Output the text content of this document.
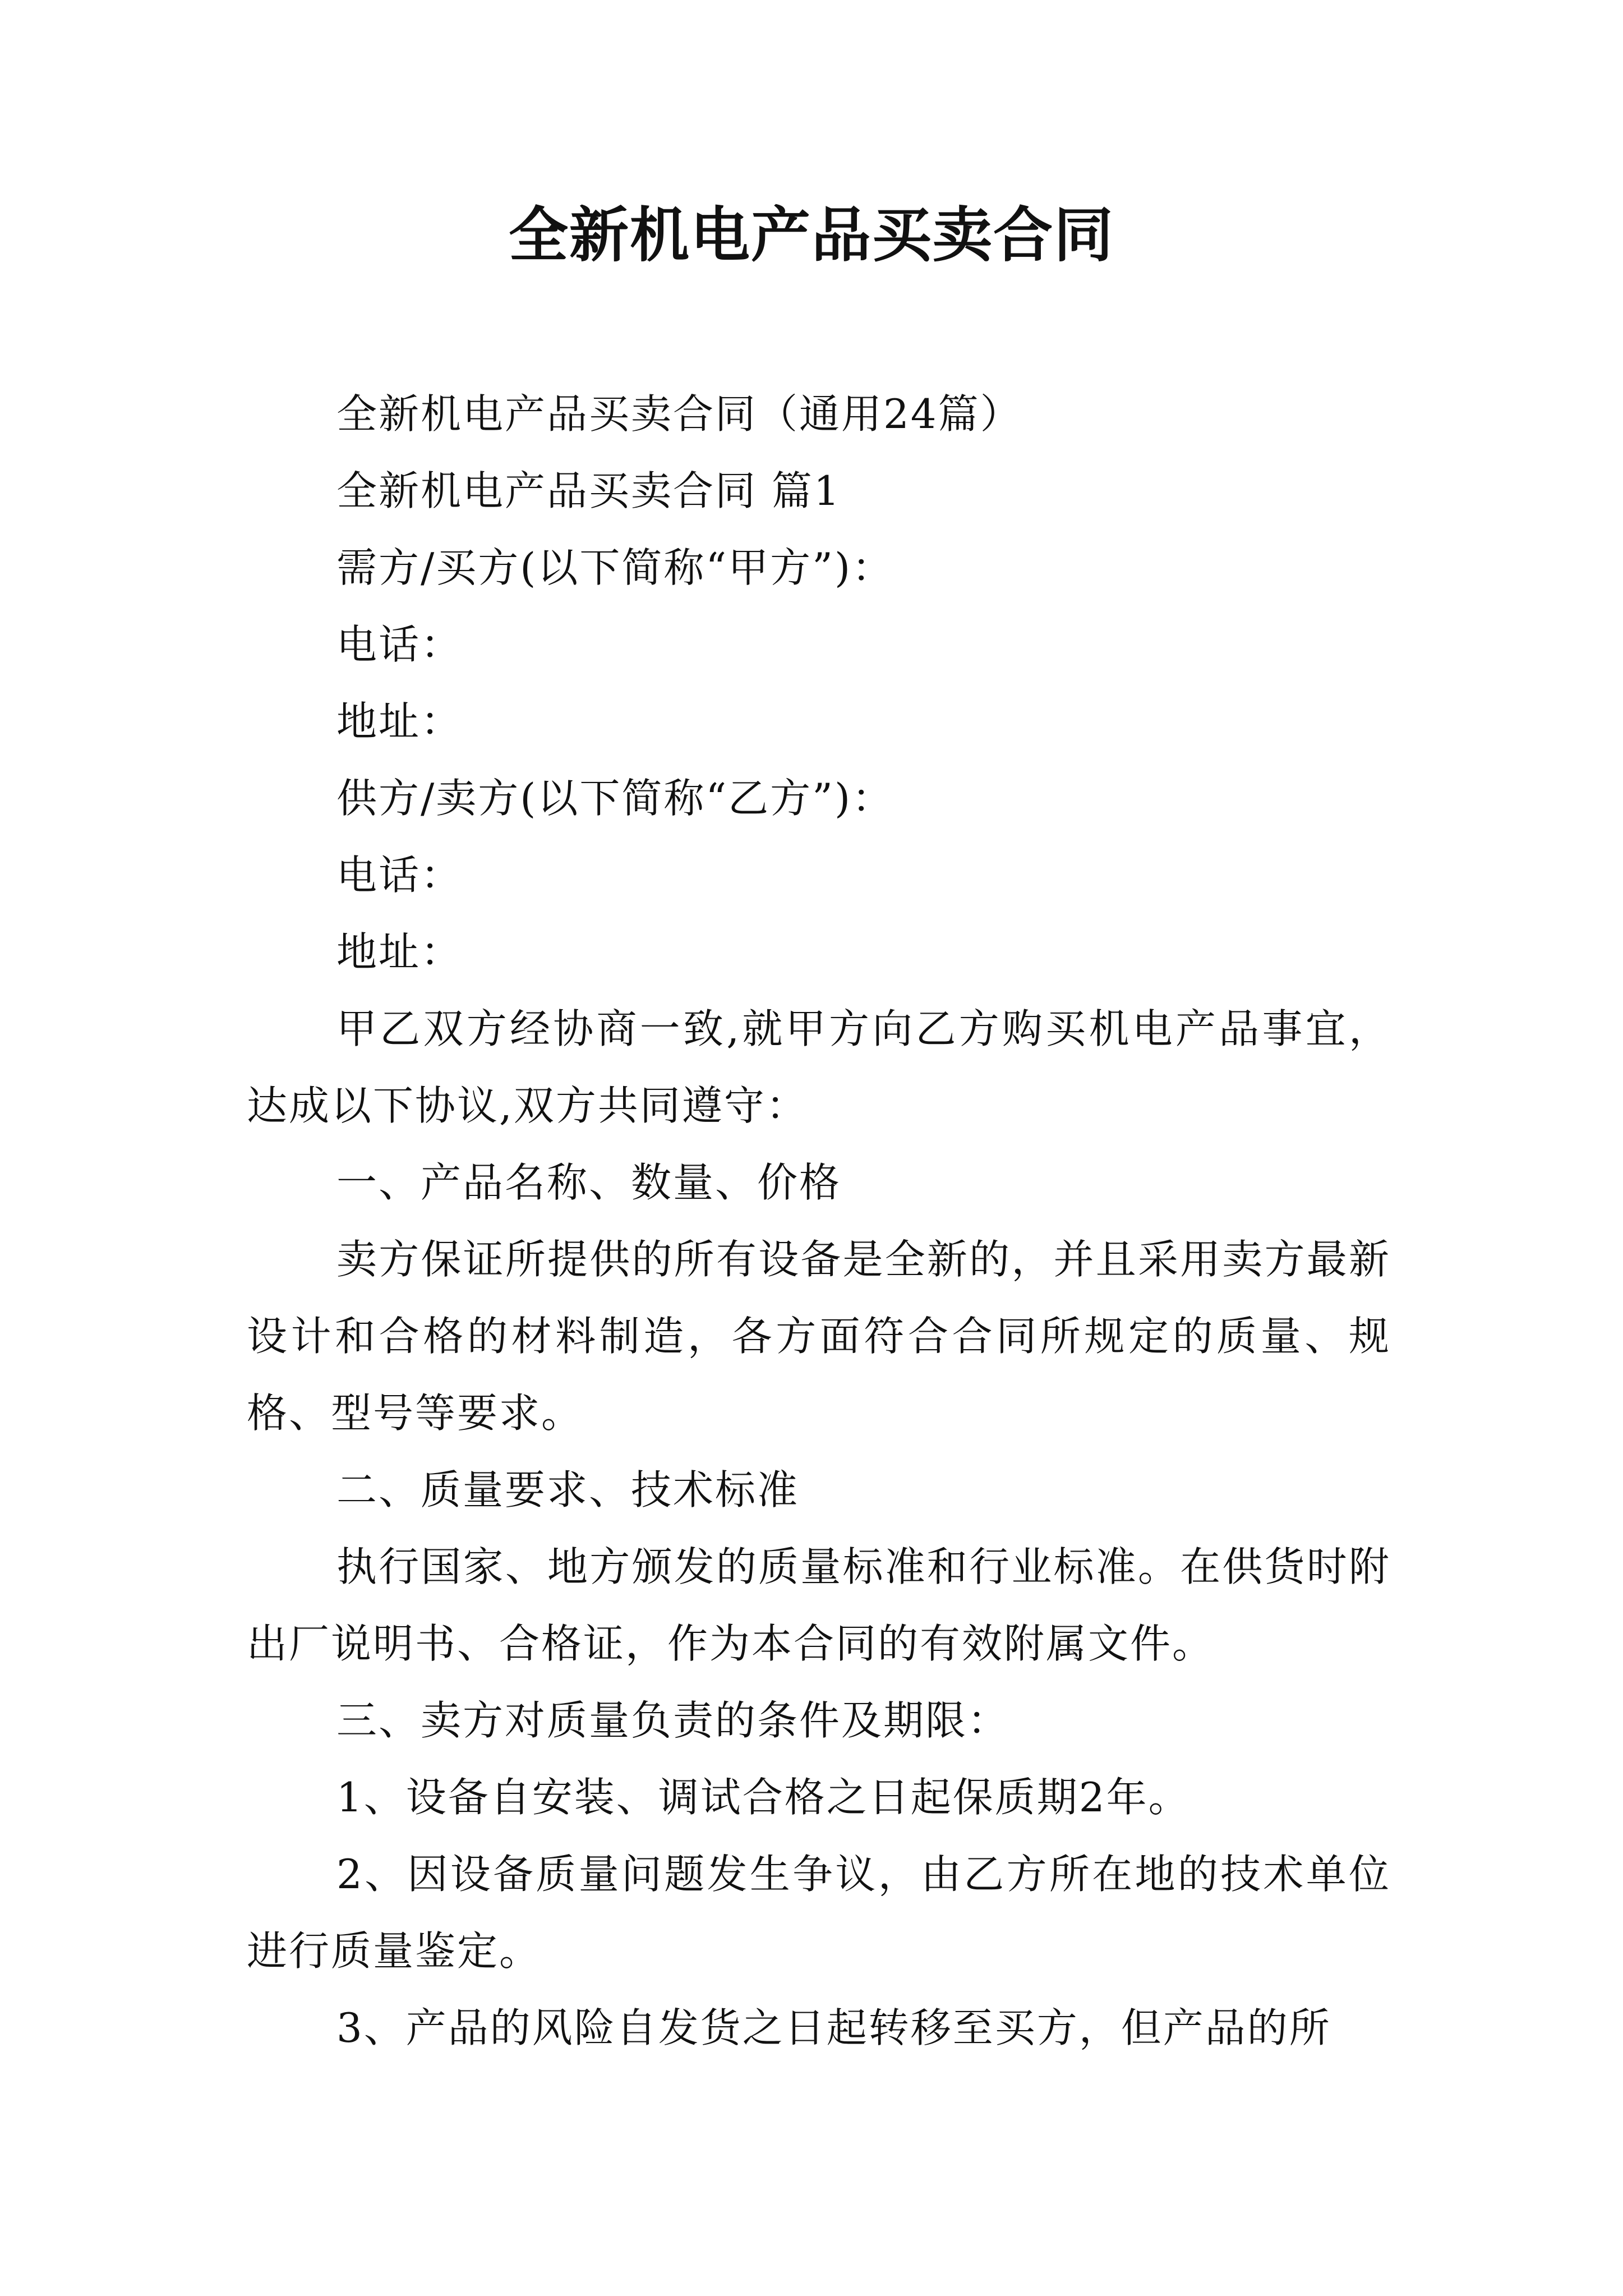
全新机电产品买卖合同

全新机电产品买卖合同（通用24篇）

全新机电产品买卖合同 篇1

需方/买方(以下简称“甲方”)：

电话：

地址：

供方/卖方(以下简称“乙方”)：

电话：

地址：

甲乙双方经协商一致,就甲方向乙方购买机电产品事宜，达成以下协议,双方共同遵守：

一、产品名称、数量、价格

卖方保证所提供的所有设备是全新的，并且采用卖方最新设计和合格的材料制造，各方面符合合同所规定的质量、规格、型号等要求。

二、质量要求、技术标准

执行国家、地方颁发的质量标准和行业标准。在供货时附出厂说明书、合格证，作为本合同的有效附属文件。

三、卖方对质量负责的条件及期限：

1、设备自安装、调试合格之日起保质期2年。

2、因设备质量问题发生争议，由乙方所在地的技术单位进行质量鉴定。

3、产品的风险自发货之日起转移至买方，但产品的所
